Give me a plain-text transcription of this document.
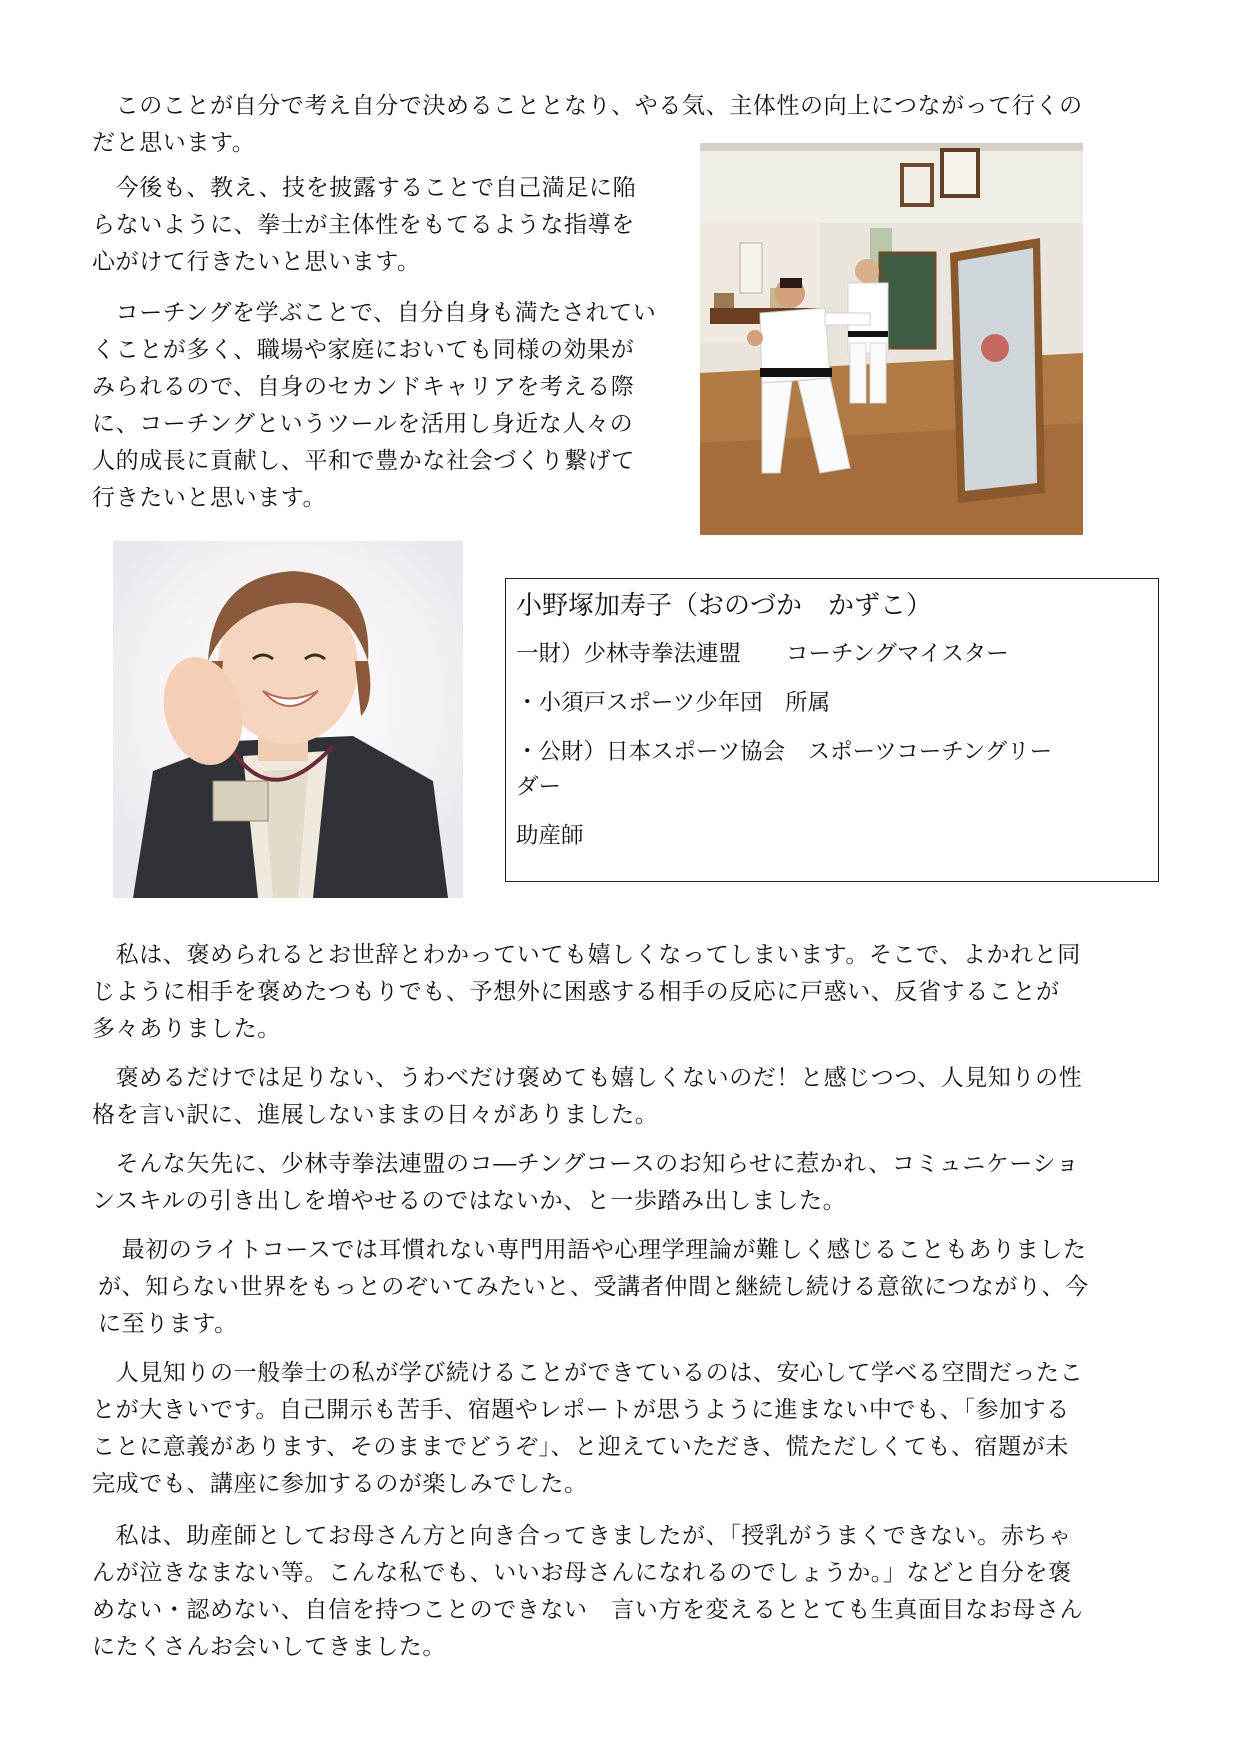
　このことが自分で考え自分で決めることとなり、やる気、主体性の向上につながって行くの
だと思います。
　今後も、教え、技を披露することで自己満足に陥
らないように、拳士が主体性をもてるような指導を
心がけて行きたいと思います。
　コーチングを学ぶことで、自分自身も満たされてい
くことが多く、職場や家庭においても同様の効果が
みられるので、自身のセカンドキャリアを考える際
に、コーチングというツールを活用し身近な人々の
人的成長に貢献し、平和で豊かな社会づくり繋げて
行きたいと思います。
小野塚加寿子（おのづか　かずこ）
一財）少林寺拳法連盟　　コーチングマイスター
・小須戸スポーツ少年団　所属
・公財）日本スポーツ協会　スポーツコーチングリー
ダー
助産師
　私は、褒められるとお世辞とわかっていても嬉しくなってしまいます。そこで、よかれと同
じように相手を褒めたつもりでも、予想外に困惑する相手の反応に戸惑い、反省することが
多々ありました。
　褒めるだけでは足りない、うわべだけ褒めても嬉しくないのだ！と感じつつ、人見知りの性
格を言い訳に、進展しないままの日々がありました。
　そんな矢先に、少林寺拳法連盟のコ―チングコースのお知らせに惹かれ、コミュニケーショ
ンスキルの引き出しを増やせるのではないか、と一歩踏み出しました。
　最初のライトコースでは耳慣れない専門用語や心理学理論が難しく感じることもありました
が、知らない世界をもっとのぞいてみたいと、受講者仲間と継続し続ける意欲につながり、今
に至ります。
　人見知りの一般拳士の私が学び続けることができているのは、安心して学べる空間だったこ
とが大きいです。自己開示も苦手、宿題やレポートが思うように進まない中でも、「参加する
ことに意義があります、そのままでどうぞ」、と迎えていただき、慌ただしくても、宿題が未
完成でも、講座に参加するのが楽しみでした。
　私は、助産師としてお母さん方と向き合ってきましたが、「授乳がうまくできない。赤ちゃ
んが泣きなまない等。こんな私でも、いいお母さんになれるのでしょうか。」などと自分を褒
めない・認めない、自信を持つことのできない　言い方を変えるととても生真面目なお母さん
にたくさんお会いしてきました。
